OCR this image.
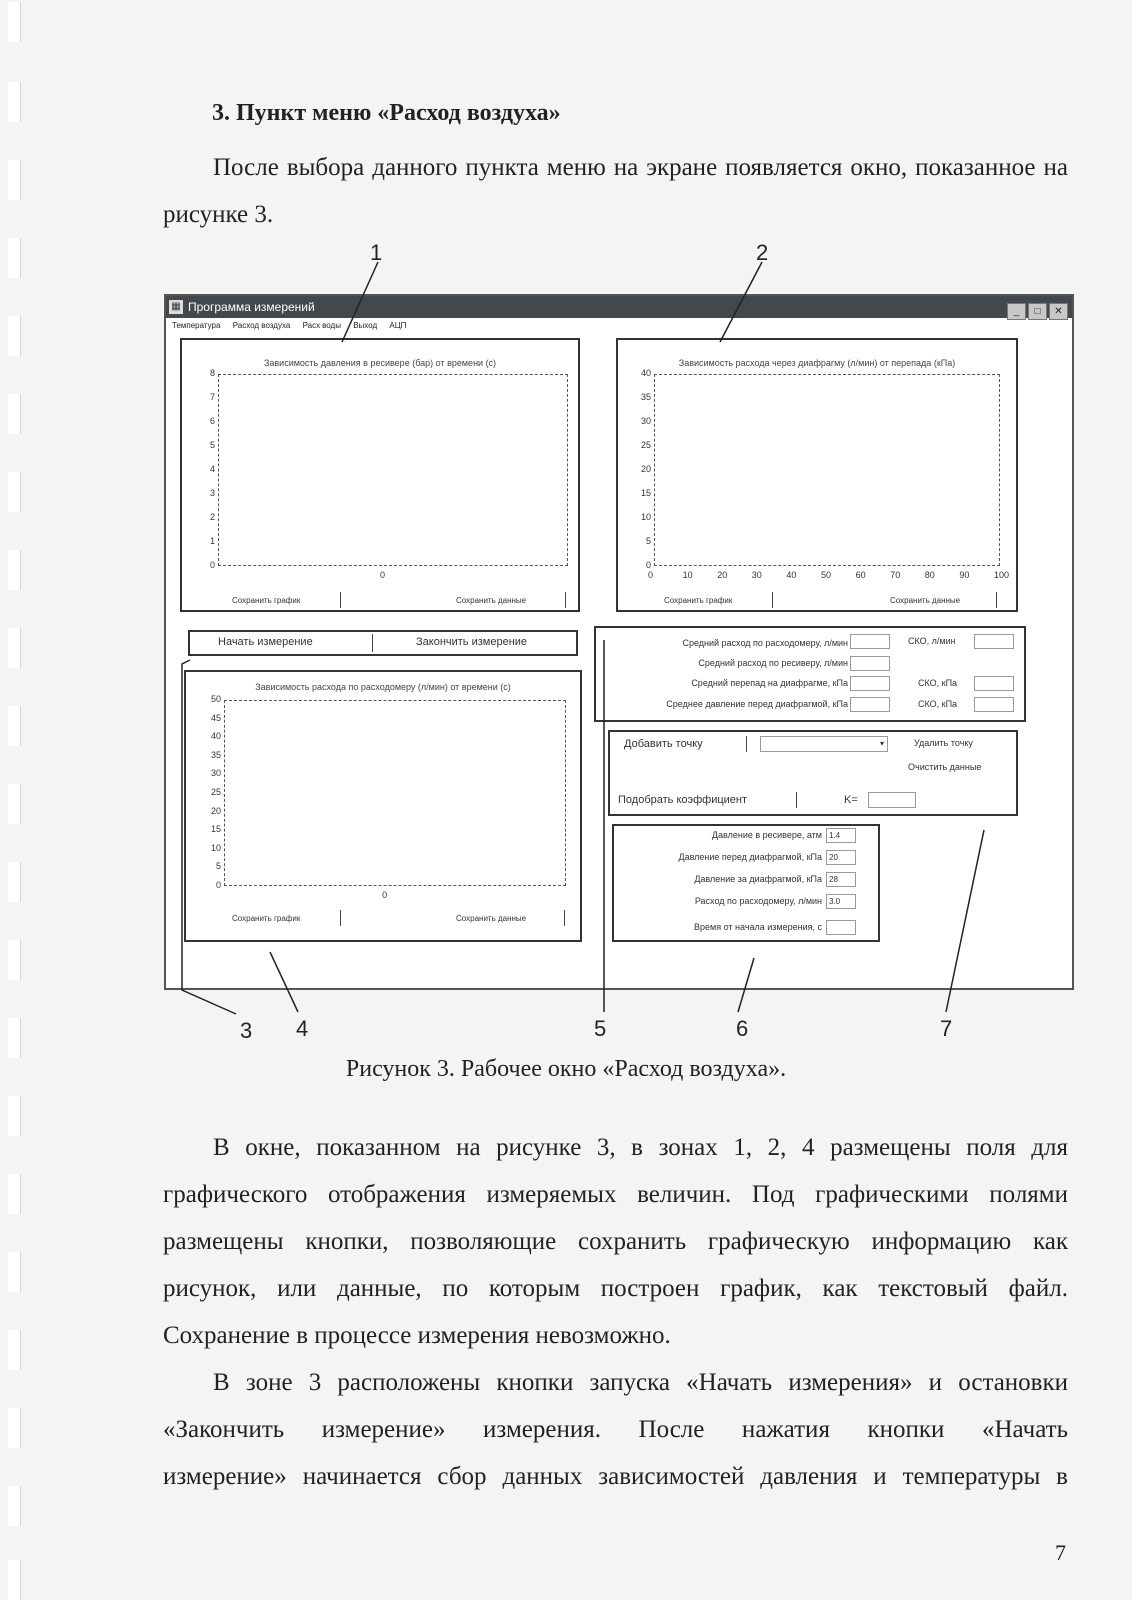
3. Пункт меню «Расход воздуха»
После выбора данного пункта меню на экране появляется окно, показанное на рисунке 3.
1	2
3 4	5	6	7
▦ Программа измерений	_ □ ✕
Температура Расход воздуха Расх воды Выход АЦП
Зависимость давления в ресивере (бар) от времени (с)
8
7
6
5
4
3
2
1
0
0
Сохранить график	Сохранить данные
Зависимость расхода через диафрагму (л/мин) от перепада (кПа)
40
35
30
25
20
15
10
5
0
0	10	20	30	40	50	60	70	80	90	100
Сохранить график	Сохранить данные
Начать измерение	Закончить измерение
Зависимость расхода по расходомеру (л/мин) от времени (с)
50
45
40
35
30
25
20
15
10
5
0
0
Сохранить график	Сохранить данные
Средний расход по расходомеру, л/мин	СКО, л/мин
Средний расход по ресиверу, л/мин
Средний перепад на диафрагме, кПа	СКО, кПа
Среднее давление перед диафрагмой, кПа	СКО, кПа
Добавить точку	▾	Удалить точку
Очистить данные
Подобрать коэффициент	K=
Давление в ресивере, атм 1.4
Давление перед диафрагмой, кПа 20
Давление за диафрагмой, кПа 28
Расход по расходомеру, л/мин 3.0
Время от начала измерения, с
Рисунок 3. Рабочее окно «Расход воздуха».
В окне, показанном на рисунке 3, в зонах 1, 2, 4 размещены поля для
графического отображения измеряемых величин. Под графическими полями
размещены кнопки, позволяющие сохранить графическую информацию как
рисунок, или данные, по которым построен график, как текстовый файл.
Сохранение в процессе измерения невозможно.
В зоне 3 расположены кнопки запуска «Начать измерения» и остановки
«Закончить измерение» измерения. После нажатия кнопки «Начать
измерение» начинается сбор данных зависимостей давления и температуры в
7
